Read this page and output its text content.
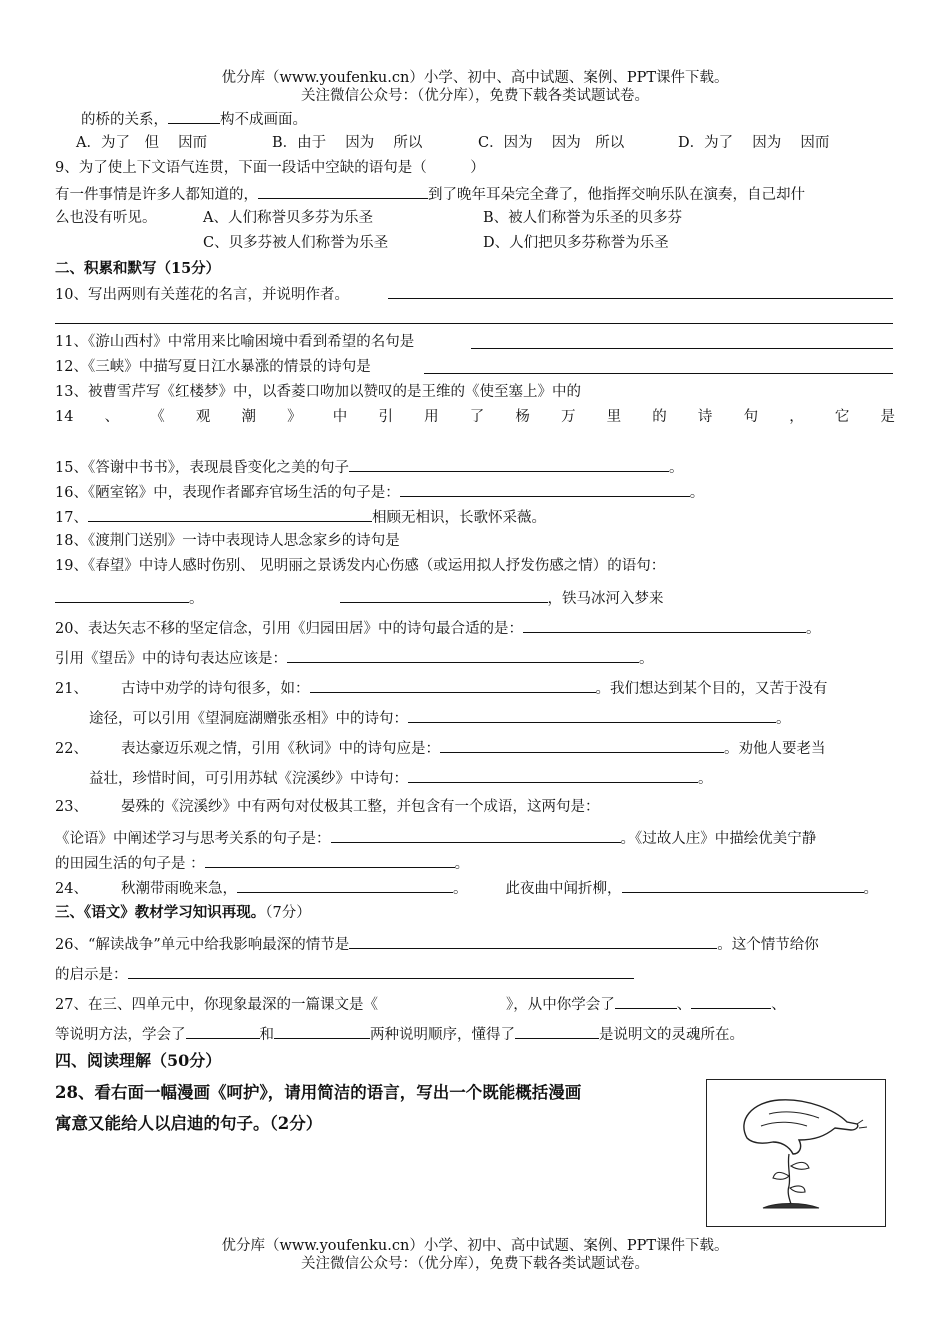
优分库（www.youfenku.cn）小学、初中、高中试题、案例、PPT课件下载。
关注微信公众号：（优分库），免费下载各类试题试卷。
的桥的关系，	构不成画面。
A．为了　但　 因而	B．由于　 因为　 所以	C．因为　 因为　所以	D．为了　 因为　 因而
9、为了使上下文语气连贯，下面一段话中空缺的语句是（　　　）
有一件事情是许多人都知道的，	到了晚年耳朵完全聋了，他指挥交响乐队在演奏，自己却什
么也没有听见。	A、人们称誉贝多芬为乐圣	B、被人们称誉为乐圣的贝多芬
C、贝多芬被人们称誉为乐圣	D、人们把贝多芬称誉为乐圣
二、积累和默写（15分）
10、写出两则有关莲花的名言，并说明作者。
11、《游山西村》中常用来比喻困境中看到希望的名句是
12、《三峡》中描写夏日江水暴涨的情景的诗句是
13、被曹雪芹写《红楼梦》中，以香菱口吻加以赞叹的是王维的《使至塞上》中的
14 、 《 观 潮 》 中 引 用 了 杨 万 里 的 诗 句 ， 它 是
15、《答谢中书书》，表现晨昏变化之美的句子	。
16、《陋室铭》中，表现作者鄙弃官场生活的句子是：	。
17、	相顾无相识，长歌怀采薇。
18、《渡荆门送别》一诗中表现诗人思念家乡的诗句是
19、《春望》中诗人感时伤别、 见明丽之景诱发内心伤感（或运用拟人抒发伤感之情）的语句：
。	，铁马冰河入梦来
20、表达矢志不移的坚定信念，引用《归园田居》中的诗句最合适的是：	。
引用《望岳》中的诗句表达应该是：	。
21、 古诗中劝学的诗句很多，如：	。我们想达到某个目的，又苦于没有
途径，可以引用《望洞庭湖赠张丞相》中的诗句：	。
22、 表达豪迈乐观之情，引用《秋词》中的诗句应是：	。劝他人要老当
益壮，珍惜时间，可引用苏轼《浣溪纱》中诗句：	。
23、 晏殊的《浣溪纱》中有两句对仗极其工整，并包含有一个成语，这两句是：
《论语》中阐述学习与思考关系的句子是：	。《过故人庄》中描绘优美宁静
的田园生活的句子是 ：	。
24、 秋潮带雨晚来急，	。	此夜曲中闻折柳，	。
三、《语文》教材学习知识再现。（7分）
26、“解读战争”单元中给我影响最深的情节是	。这个情节给你
的启示是：
27、在三、四单元中，你现象最深的一篇课文是《	》，从中你学会了	、	、
等说明方法，学会了	和	两种说明顺序，懂得了	是说明文的灵魂所在。
四、阅读理解（50分）
28、看右面一幅漫画《呵护》，请用简洁的语言，写出一个既能概括漫画
寓意又能给人以启迪的句子。（2分）
优分库（www.youfenku.cn）小学、初中、高中试题、案例、PPT课件下载。
关注微信公众号：（优分库），免费下载各类试题试卷。
